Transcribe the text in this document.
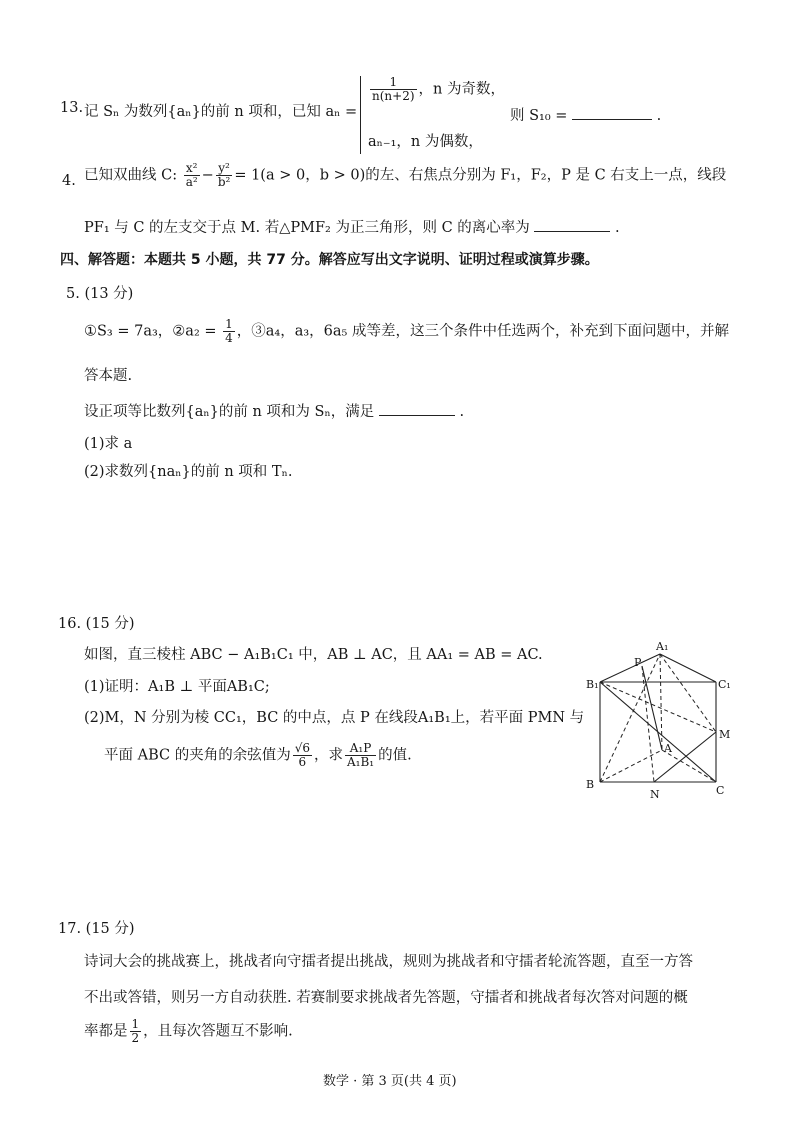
13. 记 Sₙ 为数列{aₙ}的前 n 项和，已知 aₙ =
$\frac{1}{n(n+2)}$ ，n 为奇数，
aₙ₋₁，n 为偶数，
则 S₁₀ =	.
4. 已知双曲线 C: $\frac{\text{x²}}{\text{a²}} - \frac{\text{y²}}{\text{b²}} = 1(a > 0$，b > 0)的左、右焦点分别为 F₁，F₂，P 是 C 右支上一点，线段
PF₁ 与 C 的左支交于点 M. 若△PMF₂ 为正三角形，则 C 的离心率为	.
四、解答题：本题共 5 小题，共 77 分。解答应写出文字说明、证明过程或演算步骤。
5. (13 分)
①S₃ = 7a₃，②a₂ = $\frac{1}{4}$ ，③a₄，a₃，6a₅ 成等差，这三个条件中任选两个，补充到下面问题中，并解
答本题.
设正项等比数列{aₙ}的前 n 项和为 Sₙ，满足	.
(1)求 a
(2)求数列{naₙ}的前 n 项和 Tₙ.
16. (15 分)
如图，直三棱柱 ABC − A₁B₁C₁ 中，AB ⊥ AC，且 AA₁ = AB = AC.
(1)证明：A₁B ⊥ 平面AB₁C;
(2)M，N 分别为棱 CC₁，BC 的中点，点 P 在线段A₁B₁上，若平面 PMN 与
平面 ABC 的夹角的余弦值为 $\frac{√6}{6}$ ，求 $\frac{\text{A₁P}}{\text{A₁B₁}}$ 的值.
A₁
P
B₁	C₁
A
M
B	C
N
17. (15 分)
诗词大会的挑战赛上，挑战者向守擂者提出挑战，规则为挑战者和守擂者轮流答题，直至一方答
不出或答错，则另一方自动获胜. 若赛制要求挑战者先答题，守擂者和挑战者每次答对问题的概
率都是 $\frac{1}{2}$ ，且每次答题互不影响.
数学 · 第 3 页(共 4 页)
